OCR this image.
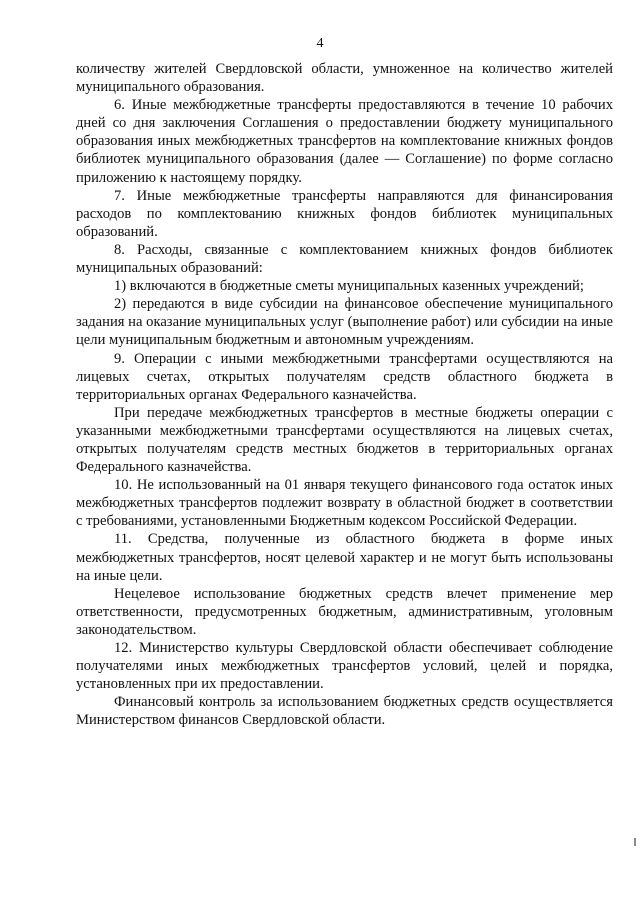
4

количеству жителей Свердловской области, умноженное на количество жителей муниципального образования.

6. Иные межбюджетные трансферты предоставляются в течение 10 рабочих дней со дня заключения Соглашения о предоставлении бюджету муниципального образования иных межбюджетных трансфертов на комплектование книжных фондов библиотек муниципального образования (далее — Соглашение) по форме согласно приложению к настоящему порядку.

7. Иные межбюджетные трансферты направляются для финансирования расходов по комплектованию книжных фондов библиотек муниципальных образований.

8. Расходы, связанные с комплектованием книжных фондов библиотек муниципальных образований:

1) включаются в бюджетные сметы муниципальных казенных учреждений;

2) передаются в виде субсидии на финансовое обеспечение муниципального задания на оказание муниципальных услуг (выполнение работ) или субсидии на иные цели муниципальным бюджетным и автономным учреждениям.

9. Операции с иными межбюджетными трансфертами осуществляются на лицевых счетах, открытых получателям средств областного бюджета в территориальных органах Федерального казначейства.

При передаче межбюджетных трансфертов в местные бюджеты операции с указанными межбюджетными трансфертами осуществляются на лицевых счетах, открытых получателям средств местных бюджетов в территориальных органах Федерального казначейства.

10. Не использованный на 01 января текущего финансового года остаток иных межбюджетных трансфертов подлежит возврату в областной бюджет в соответствии с требованиями, установленными Бюджетным кодексом Российской Федерации.

11. Средства, полученные из областного бюджета в форме иных межбюджетных трансфертов, носят целевой характер и не могут быть использованы на иные цели.

Нецелевое использование бюджетных средств влечет применение мер ответственности, предусмотренных бюджетным, административным, уголовным законодательством.

12. Министерство культуры Свердловской области обеспечивает соблюдение получателями иных межбюджетных трансфертов условий, целей и порядка, установленных при их предоставлении.

Финансовый контроль за использованием бюджетных средств осуществляется Министерством финансов Свердловской области.
